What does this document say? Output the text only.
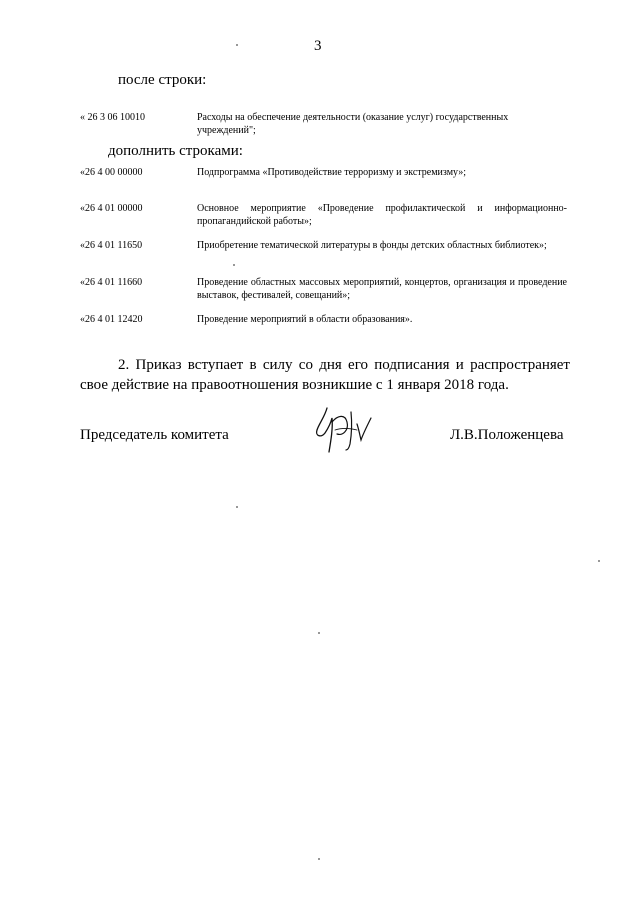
3
после строки:
« 26 3 06 10010	Расходы на обеспечение деятельности (оказание услуг) государственных учреждений";
дополнить строками:
«26 4 00 00000	Подпрограмма «Противодействие терроризму и экстремизму»;
«26 4 01 00000	Основное мероприятие «Проведение профилактической и информационно-пропагандийской работы»;
«26 4 01 11650	Приобретение тематической литературы в фонды детских областных библиотек»;
«26 4 01 11660	Проведение областных массовых мероприятий, концертов, организация и проведение выставок, фестивалей, совещаний»;
«26 4 01 12420	Проведение мероприятий в области образования».
2. Приказ вступает в силу со дня его подписания и распространяет свое действие на правоотношения возникшие с 1 января 2018 года.
Председатель комитета	Л.В.Положенцева
